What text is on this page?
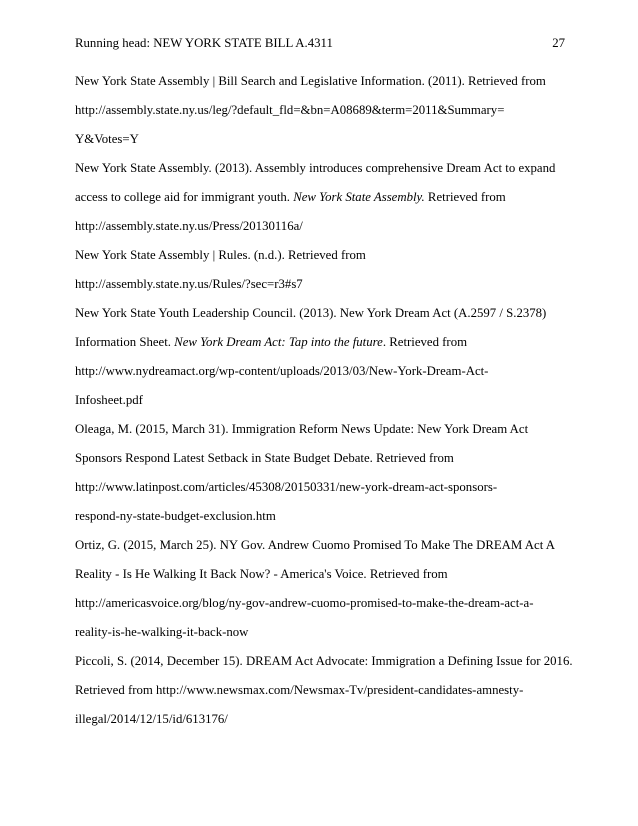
Running head: NEW YORK STATE BILL A.4311	27

New York State Assembly | Bill Search and Legislative Information. (2011). Retrieved from
http://assembly.state.ny.us/leg/?default_fld=&bn=A08689&term=2011&Summary=
Y&Votes=Y

New York State Assembly. (2013). Assembly introduces comprehensive Dream Act to expand
access to college aid for immigrant youth. New York State Assembly. Retrieved from
http://assembly.state.ny.us/Press/20130116a/

New York State Assembly | Rules. (n.d.). Retrieved from
http://assembly.state.ny.us/Rules/?sec=r3#s7

New York State Youth Leadership Council. (2013). New York Dream Act (A.2597 / S.2378)
Information Sheet. New York Dream Act: Tap into the future. Retrieved from
http://www.nydreamact.org/wp-content/uploads/2013/03/New-York-Dream-Act-
Infosheet.pdf

Oleaga, M. (2015, March 31). Immigration Reform News Update: New York Dream Act
Sponsors Respond Latest Setback in State Budget Debate. Retrieved from
http://www.latinpost.com/articles/45308/20150331/new-york-dream-act-sponsors-
respond-ny-state-budget-exclusion.htm

Ortiz, G. (2015, March 25). NY Gov. Andrew Cuomo Promised To Make The DREAM Act A
Reality - Is He Walking It Back Now? - America's Voice. Retrieved from
http://americasvoice.org/blog/ny-gov-andrew-cuomo-promised-to-make-the-dream-act-a-
reality-is-he-walking-it-back-now

Piccoli, S. (2014, December 15). DREAM Act Advocate: Immigration a Defining Issue for 2016.
Retrieved from http://www.newsmax.com/Newsmax-Tv/president-candidates-amnesty-
illegal/2014/12/15/id/613176/
